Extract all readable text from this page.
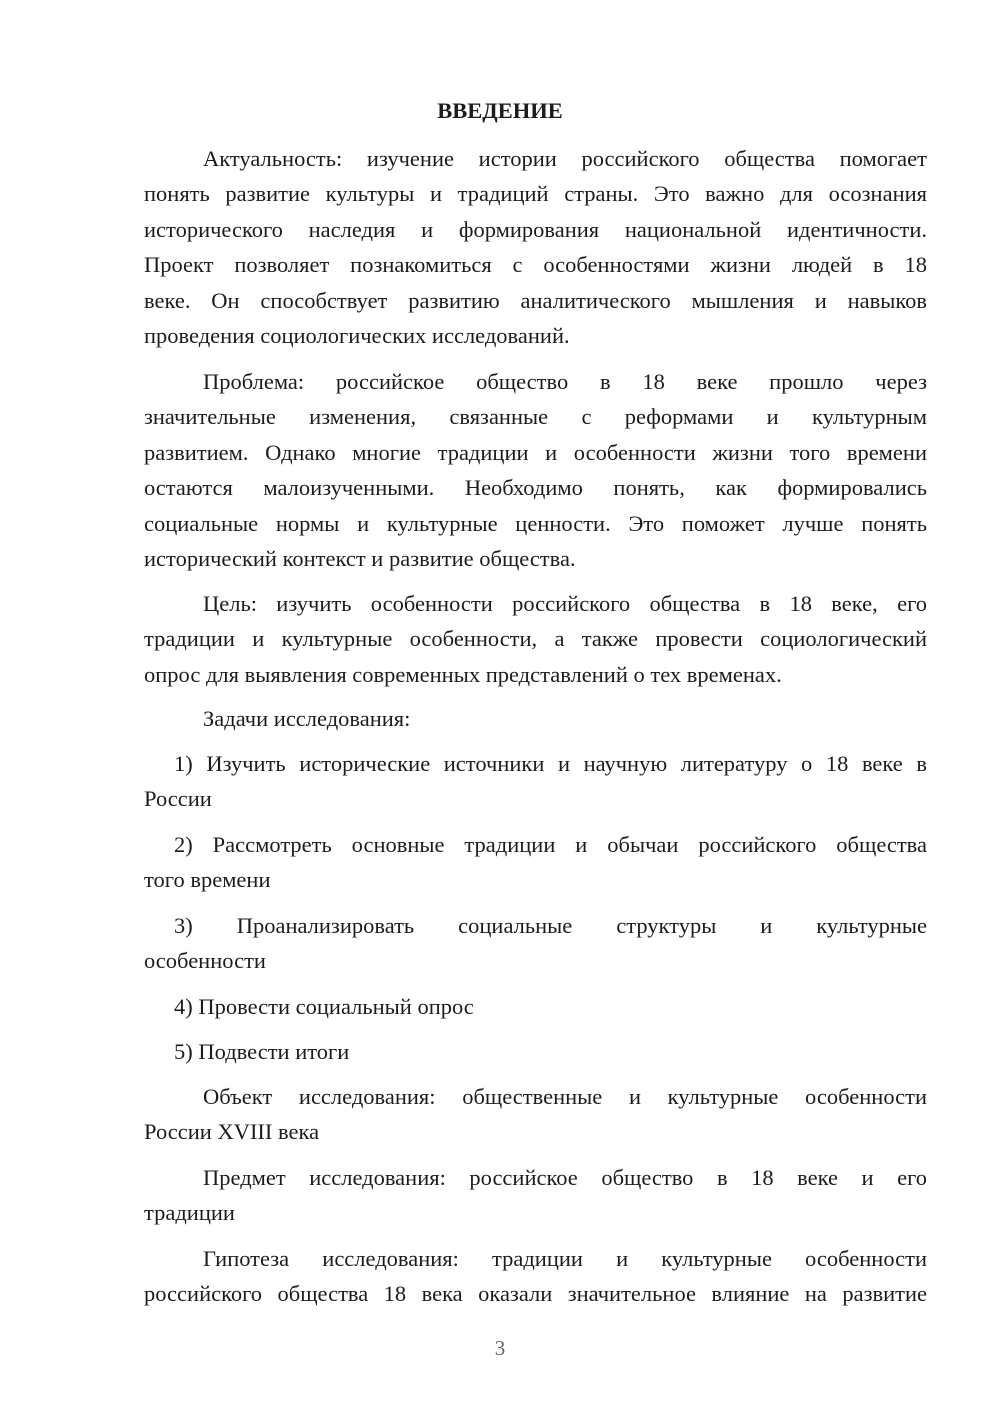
ВВЕДЕНИЕ

Актуальность: изучение истории российского общества помогает
понять развитие культуры и традиций страны. Это важно для осознания
исторического наследия и формирования национальной идентичности.
Проект позволяет познакомиться с особенностями жизни людей в 18
веке. Он способствует развитию аналитического мышления и навыков
проведения социологических исследований.

Проблема: российское общество в 18 веке прошло через
значительные изменения, связанные с реформами и культурным
развитием. Однако многие традиции и особенности жизни того времени
остаются малоизученными. Необходимо понять, как формировались
социальные нормы и культурные ценности. Это поможет лучше понять
исторический контекст и развитие общества.

Цель: изучить особенности российского общества в 18 веке, его
традиции и культурные особенности, а также провести социологический
опрос для выявления современных представлений о тех временах.

Задачи исследования:

1) Изучить исторические источники и научную литературу о 18 веке в
России

2) Рассмотреть основные традиции и обычаи российского общества
того времени

3) Проанализировать социальные структуры и культурные
особенности

4) Провести социальный опрос

5) Подвести итоги

Объект исследования: общественные и культурные особенности
России XVIII века

Предмет исследования: российское общество в 18 веке и его
традиции

Гипотеза исследования: традиции и культурные особенности
российского общества 18 века оказали значительное влияние на развитие

3
